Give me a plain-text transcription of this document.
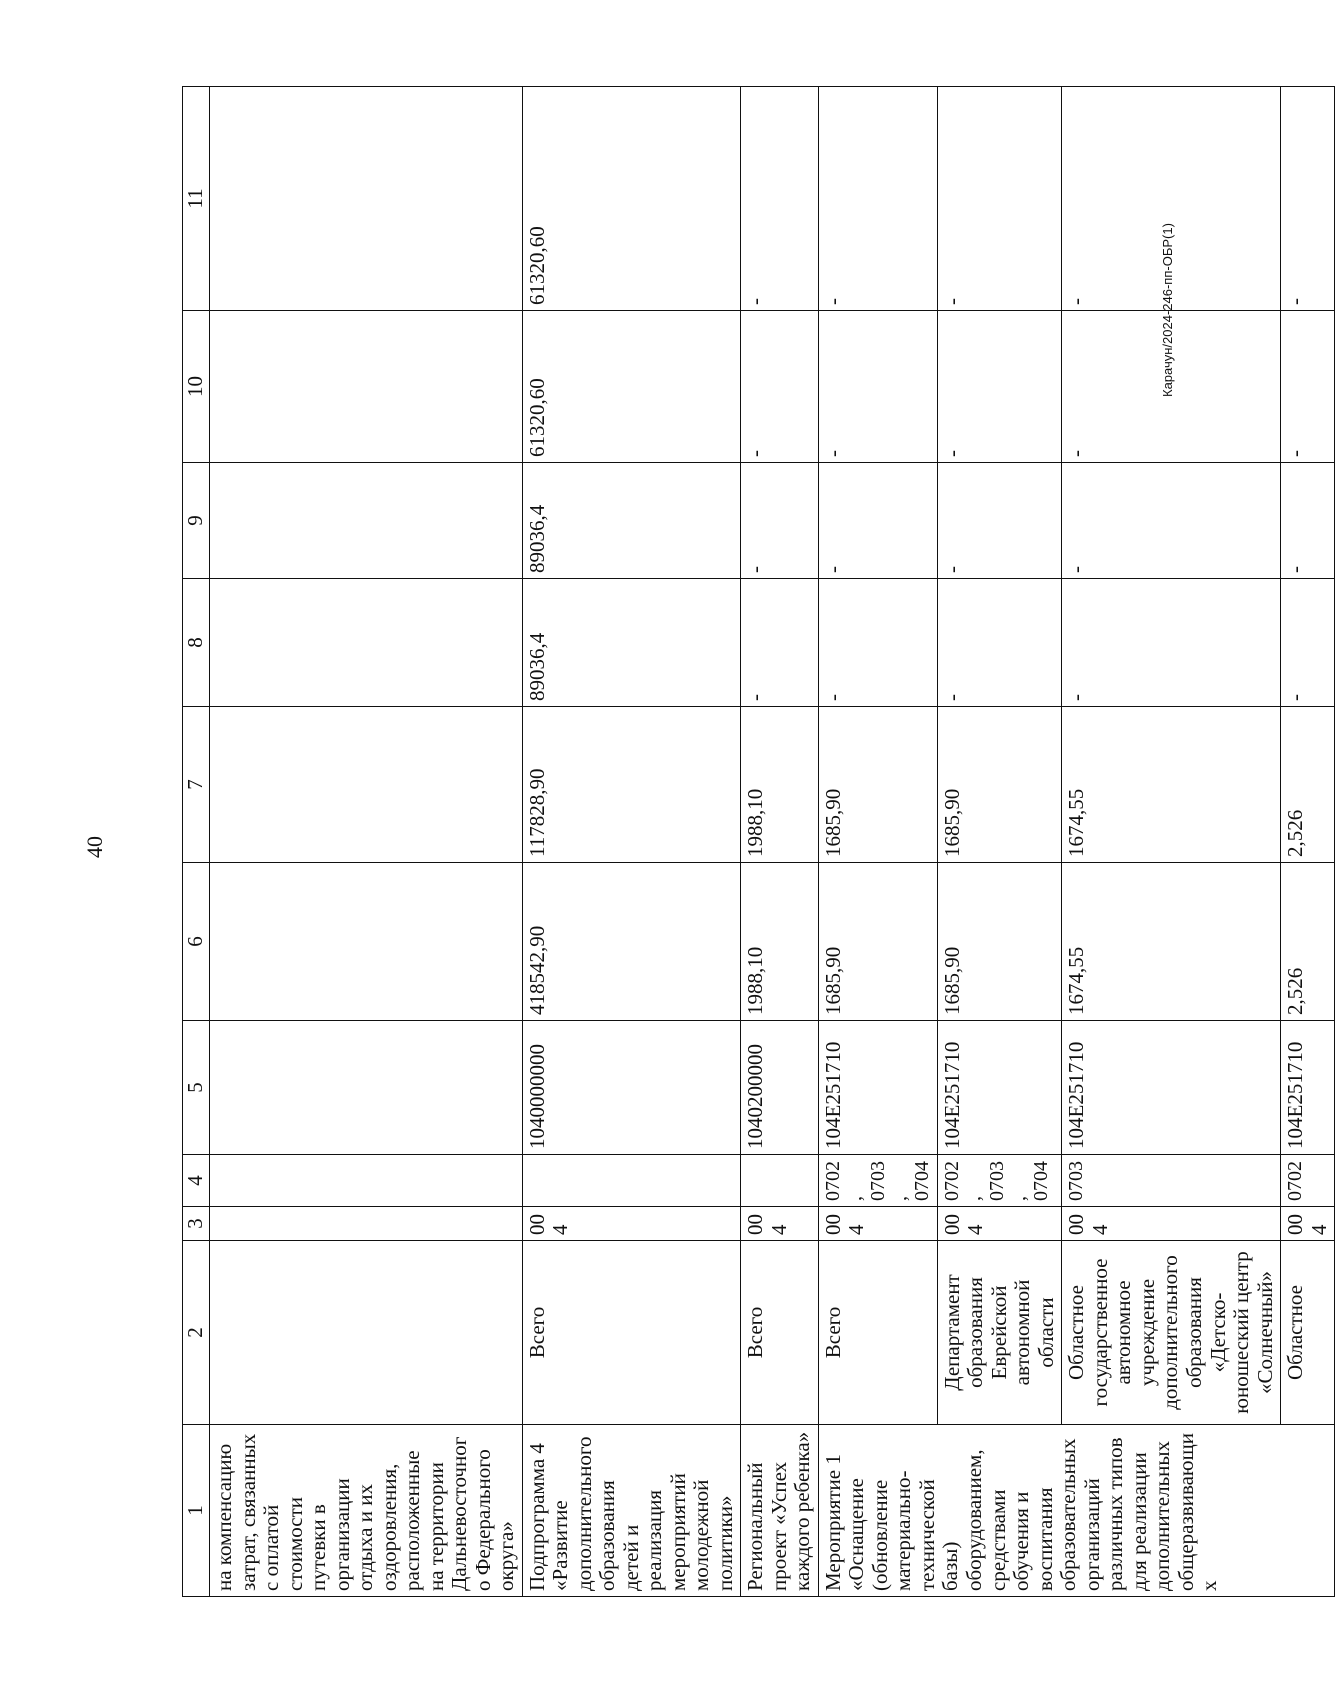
40
1	2	3	4	5	6	7	8	9	10	11
на компенсацию затрат, связанных с оплатой стоимости путевки в организации отдыха и их оздоровления, расположенные на территории Дальневосточного Федерального округа»										
Подпрограмма 4 «Развитие дополнительного образования детей и реализация мероприятий молодежной политики»	Всего	004		1040000000	418542,90	117828,90	89036,4	89036,4	61320,60	61320,60
Региональный проект «Успех каждого ребенка»	Всего	004		1040200000	1988,10	1988,10	-	-	-	-
Мероприятие 1 «Оснащение (обновление материально-технической базы) оборудованием, средствами обучения и воспитания образовательных организаций различных типов для реализации дополнительных общеразвивающих	Всего	004	0702, 0703, 0704	104E251710	1685,90	1685,90	-	-	-	-
	Департамент образования Еврейской автономной области	004	0702, 0703, 0704	104E251710	1685,90	1685,90	-	-	-	-
	Областное государственное автономное учреждение дополнительного образования «Детско-юношеский центр «Солнечный»	004	0703	104E251710	1674,55	1674,55	-	-	-	-
	Областное	004	0702	104E251710	2,526	2,526	-	-	-	-
Карачун/2024-246-пп-ОБР(1)
